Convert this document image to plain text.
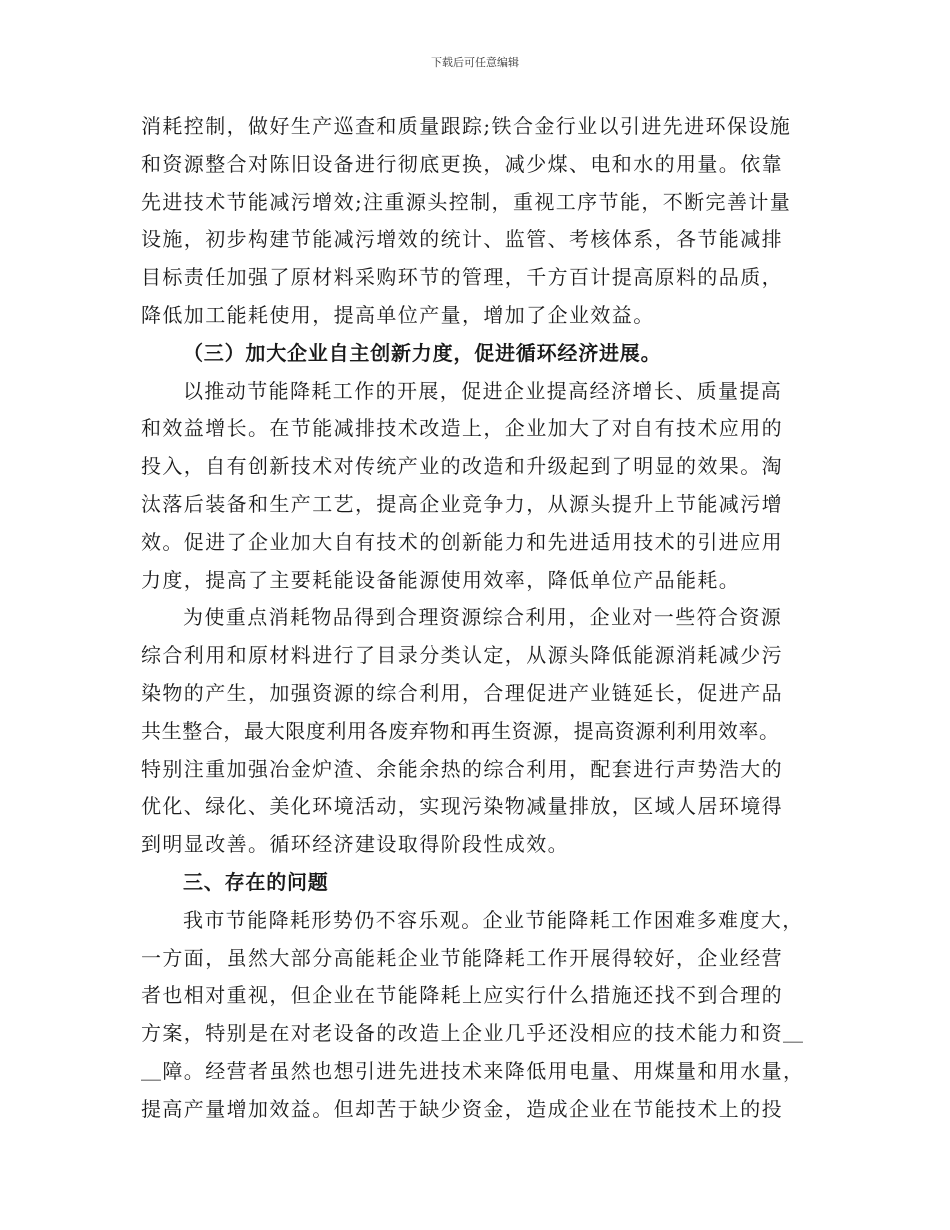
下载后可任意编辑
消耗控制，做好生产巡查和质量跟踪;铁合金行业以引进先进环保设施
和资源整合对陈旧设备进行彻底更换，减少煤、电和水的用量。依靠
先进技术节能减污增效;注重源头控制，重视工序节能，不断完善计量
设施，初步构建节能减污增效的统计、监管、考核体系，各节能减排
目标责任加强了原材料采购环节的管理，千方百计提高原料的品质，
降低加工能耗使用，提高单位产量，增加了企业效益。
（三）加大企业自主创新力度，促进循环经济进展。
以推动节能降耗工作的开展，促进企业提高经济增长、质量提高
和效益增长。在节能减排技术改造上，企业加大了对自有技术应用的
投入，自有创新技术对传统产业的改造和升级起到了明显的效果。淘
汰落后装备和生产工艺，提高企业竞争力，从源头提升上节能减污增
效。促进了企业加大自有技术的创新能力和先进适用技术的引进应用
力度，提高了主要耗能设备能源使用效率，降低单位产品能耗。
为使重点消耗物品得到合理资源综合利用，企业对一些符合资源
综合利用和原材料进行了目录分类认定，从源头降低能源消耗减少污
染物的产生，加强资源的综合利用，合理促进产业链延长，促进产品
共生整合，最大限度利用各废弃物和再生资源，提高资源利利用效率。
特别注重加强冶金炉渣、余能余热的综合利用，配套进行声势浩大的
优化、绿化、美化环境活动，实现污染物减量排放，区域人居环境得
到明显改善。循环经济建设取得阶段性成效。
三、存在的问题
我市节能降耗形势仍不容乐观。企业节能降耗工作困难多难度大，
一方面，虽然大部分高能耗企业节能降耗工作开展得较好，企业经营
者也相对重视，但企业在节能降耗上应实行什么措施还找不到合理的
方案，特别是在对老设备的改造上企业几乎还没相应的技术能力和资＿
＿障。经营者虽然也想引进先进技术来降低用电量、用煤量和用水量，
提高产量增加效益。但却苦于缺少资金，造成企业在节能技术上的投
